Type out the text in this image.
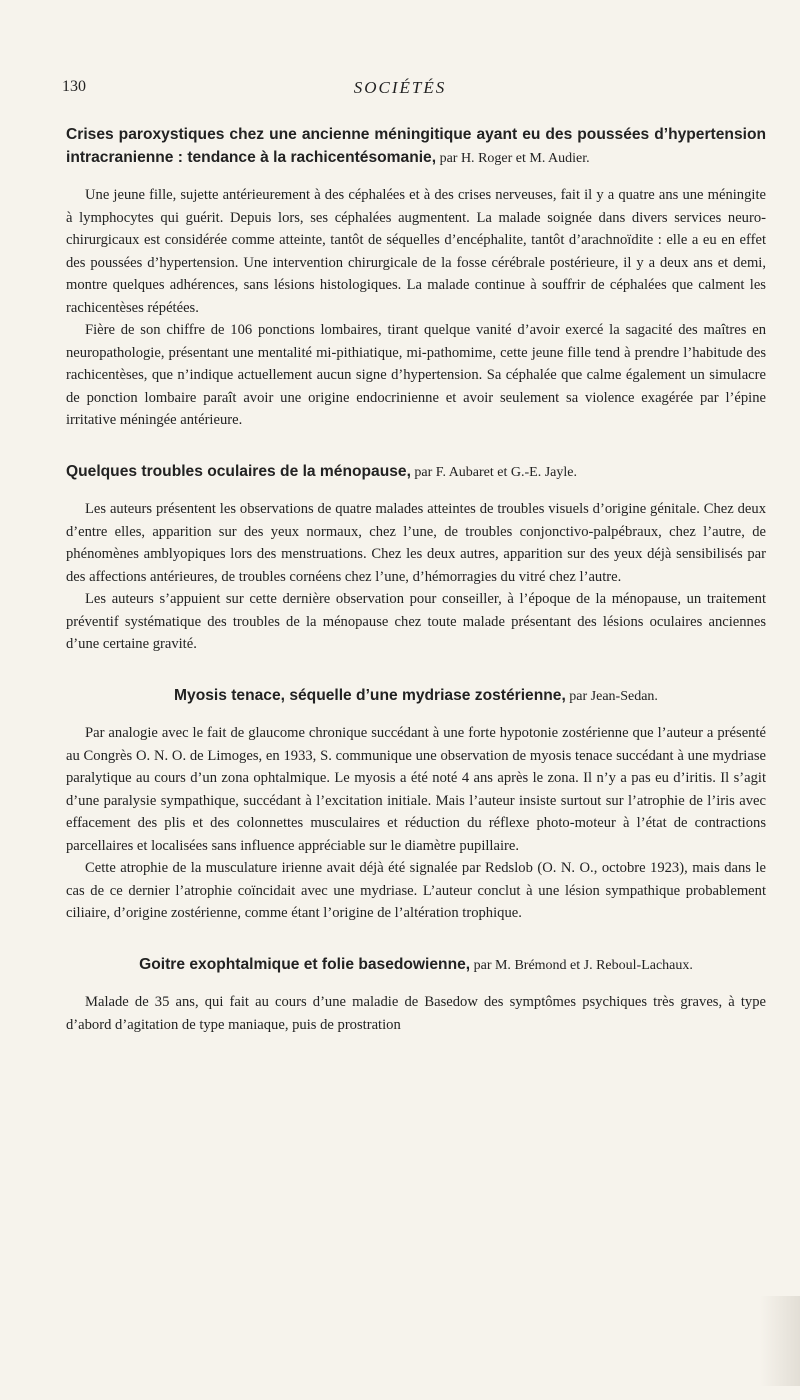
130	SOCIÉTÉS
Crises paroxystiques chez une ancienne méningitique ayant eu des poussées d’hypertension intracranienne : tendance à la rachicentésomanie, par H. Roger et M. Audier.

Une jeune fille, sujette antérieurement à des céphalées et à des crises nerveuses, fait il y a quatre ans une méningite à lymphocytes qui guérit. Depuis lors, ses céphalées augmentent. La malade soignée dans divers services neuro-chirurgicaux est considérée comme atteinte, tantôt de séquelles d’encéphalite, tantôt d’arachnoïdite : elle a eu en effet des poussées d’hypertension. Une intervention chirurgicale de la fosse cérébrale postérieure, il y a deux ans et demi, montre quelques adhérences, sans lésions histologiques. La malade continue à souffrir de céphalées que calment les rachicentèses répétées.

Fière de son chiffre de 106 ponctions lombaires, tirant quelque vanité d’avoir exercé la sagacité des maîtres en neuropathologie, présentant une mentalité mi-pithiatique, mi-pathomime, cette jeune fille tend à prendre l’habitude des rachicentèses, que n’indique actuellement aucun signe d’hypertension. Sa céphalée que calme également un simulacre de ponction lombaire paraît avoir une origine endocrinienne et avoir seulement sa violence exagérée par l’épine irritative méningée antérieure.

Quelques troubles oculaires de la ménopause, par F. Aubaret et G.-E. Jayle.

Les auteurs présentent les observations de quatre malades atteintes de troubles visuels d’origine génitale. Chez deux d’entre elles, apparition sur des yeux normaux, chez l’une, de troubles conjonctivo-palpébraux, chez l’autre, de phénomènes amblyopiques lors des menstruations. Chez les deux autres, apparition sur des yeux déjà sensibilisés par des affections antérieures, de troubles cornéens chez l’une, d’hémorragies du vitré chez l’autre.

Les auteurs s’appuient sur cette dernière observation pour conseiller, à l’époque de la ménopause, un traitement préventif systématique des troubles de la ménopause chez toute malade présentant des lésions oculaires anciennes d’une certaine gravité.

Myosis tenace, séquelle d’une mydriase zostérienne, par Jean-Sedan.

Par analogie avec le fait de glaucome chronique succédant à une forte hypotonie zostérienne que l’auteur a présenté au Congrès O. N. O. de Limoges, en 1933, S. communique une observation de myosis tenace succédant à une mydriase paralytique au cours d’un zona ophtalmique. Le myosis a été noté 4 ans après le zona. Il n’y a pas eu d’iritis. Il s’agit d’une paralysie sympathique, succédant à l’excitation initiale. Mais l’auteur insiste surtout sur l’atrophie de l’iris avec effacement des plis et des colonnettes musculaires et réduction du réflexe photo-moteur à l’état de contractions parcellaires et localisées sans influence appréciable sur le diamètre pupillaire.

Cette atrophie de la musculature irienne avait déjà été signalée par Redslob (O. N. O., octobre 1923), mais dans le cas de ce dernier l’atrophie coïncidait avec une mydriase. L’auteur conclut à une lésion sympathique probablement ciliaire, d’origine zostérienne, comme étant l’origine de l’altération trophique.

Goitre exophtalmique et folie basedowienne, par M. Brémond et J. Reboul-Lachaux.

Malade de 35 ans, qui fait au cours d’une maladie de Basedow des symptômes psychiques très graves, à type d’abord d’agitation de type maniaque, puis de prostration
